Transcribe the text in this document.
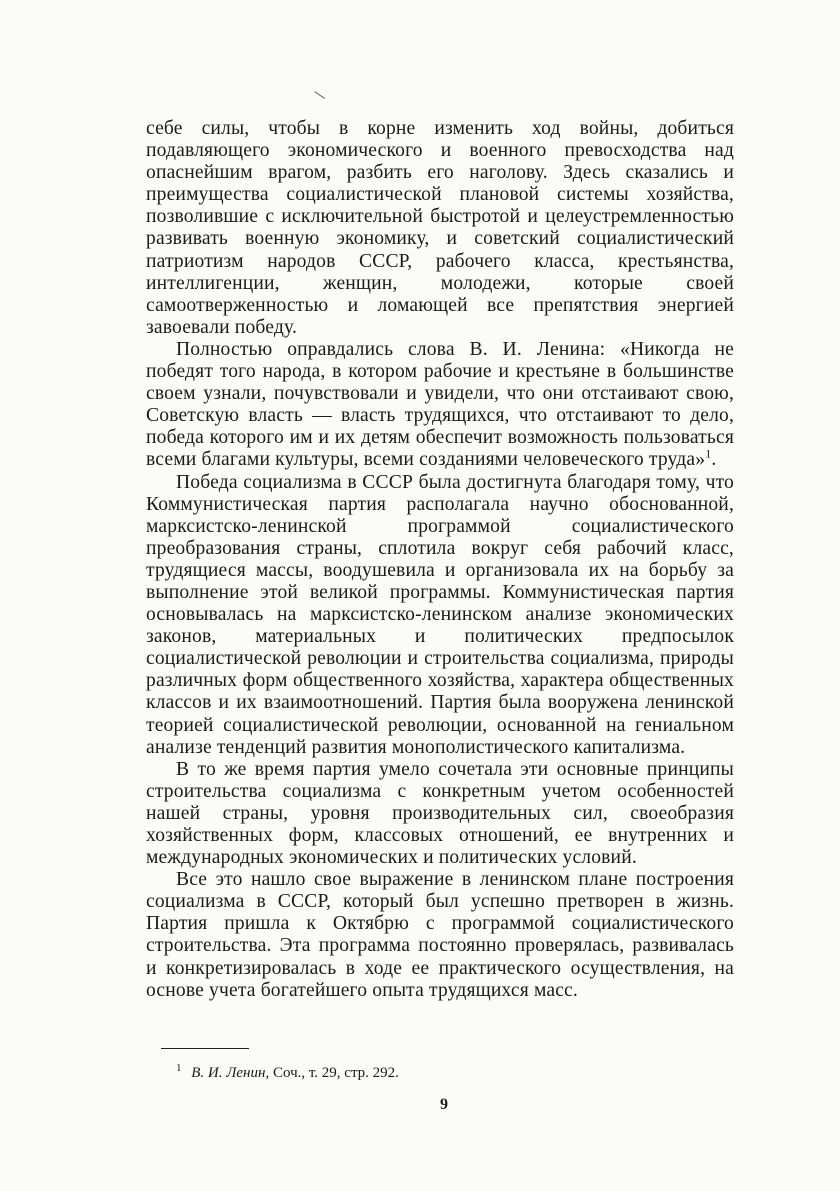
себе силы, чтобы в корне изменить ход войны, добиться подавляющего экономического и военного превосходства над опаснейшим врагом, разбить его наголову. Здесь сказались и преимущества социалистической плановой системы хозяйства, позволившие с исключительной быстротой и целеустремленностью развивать военную экономику, и советский социалистический патриотизм народов СССР, рабочего класса, крестьянства, интеллигенции, женщин, молодежи, которые своей самоотверженностью и ломающей все препятствия энергией завоевали победу.

Полностью оправдались слова В. И. Ленина: «Никогда не победят того народа, в котором рабочие и крестьяне в большинстве своем узнали, почувствовали и увидели, что они отстаивают свою, Советскую власть — власть трудящихся, что отстаивают то дело, победа которого им и их детям обеспечит возможность пользоваться всеми благами культуры, всеми созданиями человеческого труда»$^1$.

Победа социализма в СССР была достигнута благодаря тому, что Коммунистическая партия располагала научно обоснованной, марксистско-ленинской программой социалистического преобразования страны, сплотила вокруг себя рабочий класс, трудящиеся массы, воодушевила и организовала их на борьбу за выполнение этой великой программы. Коммунистическая партия основывалась на марксистско-ленинском анализе экономических законов, материальных и политических предпосылок социалистической революции и строительства социализма, природы различных форм общественного хозяйства, характера общественных классов и их взаимоотношений. Партия была вооружена ленинской теорией социалистической революции, основанной на гениальном анализе тенденций развития монополистического капитализма.

В то же время партия умело сочетала эти основные принципы строительства социализма с конкретным учетом особенностей нашей страны, уровня производительных сил, своеобразия хозяйственных форм, классовых отношений, ее внутренних и международных экономических и политических условий.

Все это нашло свое выражение в ленинском плане построения социализма в СССР, который был успешно претворен в жизнь. Партия пришла к Октябрю с программой социалистического строительства. Эта программа постоянно проверялась, развивалась и конкретизировалась в ходе ее практического осуществления, на основе учета богатейшего опыта трудящихся масс.

$^1$ В. И. Ленин, Соч., т. 29, стр. 292.
9
